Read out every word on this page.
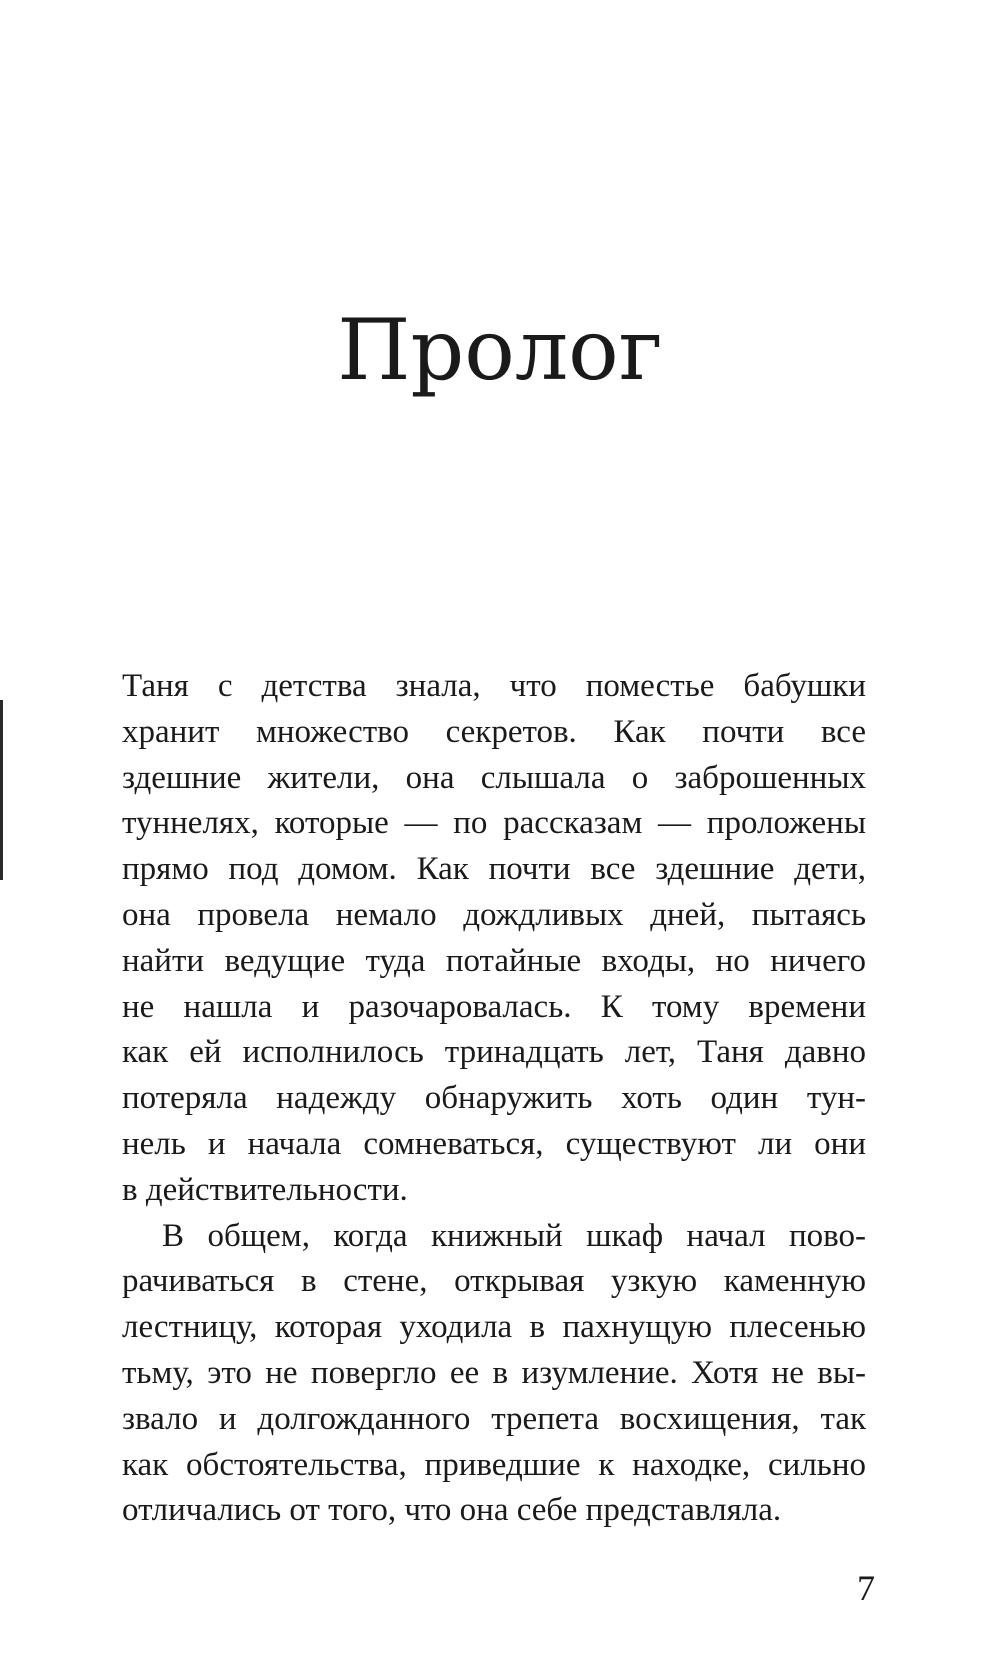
Пролог
Таня с детства знала, что поместье бабушки
хранит множество секретов. Как почти все
здешние жители, она слышала о заброшенных
туннелях, которые — по рассказам — проложены
прямо под домом. Как почти все здешние дети,
она провела немало дождливых дней, пытаясь
найти ведущие туда потайные входы, но ничего
не нашла и разочаровалась. К тому времени
как ей исполнилось тринадцать лет, Таня давно
потеряла надежду обнаружить хоть один тун-
нель и начала сомневаться, существуют ли они
в действительности.
В общем, когда книжный шкаф начал пово-
рачиваться в стене, открывая узкую каменную
лестницу, которая уходила в пахнущую плесенью
тьму, это не повергло ее в изумление. Хотя не вы-
звало и долгожданного трепета восхищения, так
как обстоятельства, приведшие к находке, сильно
отличались от того, что она себе представляла.
7
